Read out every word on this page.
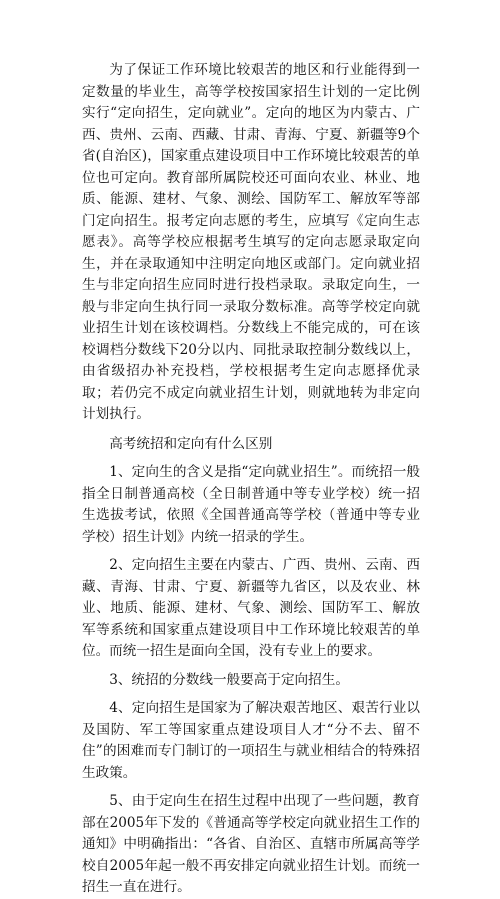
为了保证工作环境比较艰苦的地区和行业能得到一定数量的毕业生，高等学校按国家招生计划的一定比例实行“定向招生，定向就业”。定向的地区为内蒙古、广西、贵州、云南、西藏、甘肃、青海、宁夏、新疆等9个省(自治区)，国家重点建设项目中工作环境比较艰苦的单位也可定向。教育部所属院校还可面向农业、林业、地质、能源、建材、气象、测绘、国防军工、解放军等部门定向招生。报考定向志愿的考生，应填写《定向生志愿表》。高等学校应根据考生填写的定向志愿录取定向生，并在录取通知中注明定向地区或部门。定向就业招生与非定向招生应同时进行投档录取。录取定向生，一般与非定向生执行同一录取分数标准。高等学校定向就业招生计划在该校调档。分数线上不能完成的，可在该校调档分数线下20分以内、同批录取控制分数线以上，由省级招办补充投档，学校根据考生定向志愿择优录取；若仍完不成定向就业招生计划，则就地转为非定向计划执行。

高考统招和定向有什么区别

1、定向生的含义是指“定向就业招生”。而统招一般指全日制普通高校（全日制普通中等专业学校）统一招生选拔考试，依照《全国普通高等学校（普通中等专业学校）招生计划》内统一招录的学生。

2、定向招生主要在内蒙古、广西、贵州、云南、西藏、青海、甘肃、宁夏、新疆等九省区，以及农业、林业、地质、能源、建材、气象、测绘、国防军工、解放军等系统和国家重点建设项目中工作环境比较艰苦的单位。而统一招生是面向全国，没有专业上的要求。

3、统招的分数线一般要高于定向招生。

4、定向招生是国家为了解决艰苦地区、艰苦行业以及国防、军工等国家重点建设项目人才“分不去、留不住”的困难而专门制订的一项招生与就业相结合的特殊招生政策。

5、由于定向生在招生过程中出现了一些问题，教育部在2005年下发的《普通高等学校定向就业招生工作的通知》中明确指出：“各省、自治区、直辖市所属高等学校自2005年起一般不再安排定向就业招生计划。而统一招生一直在进行。
